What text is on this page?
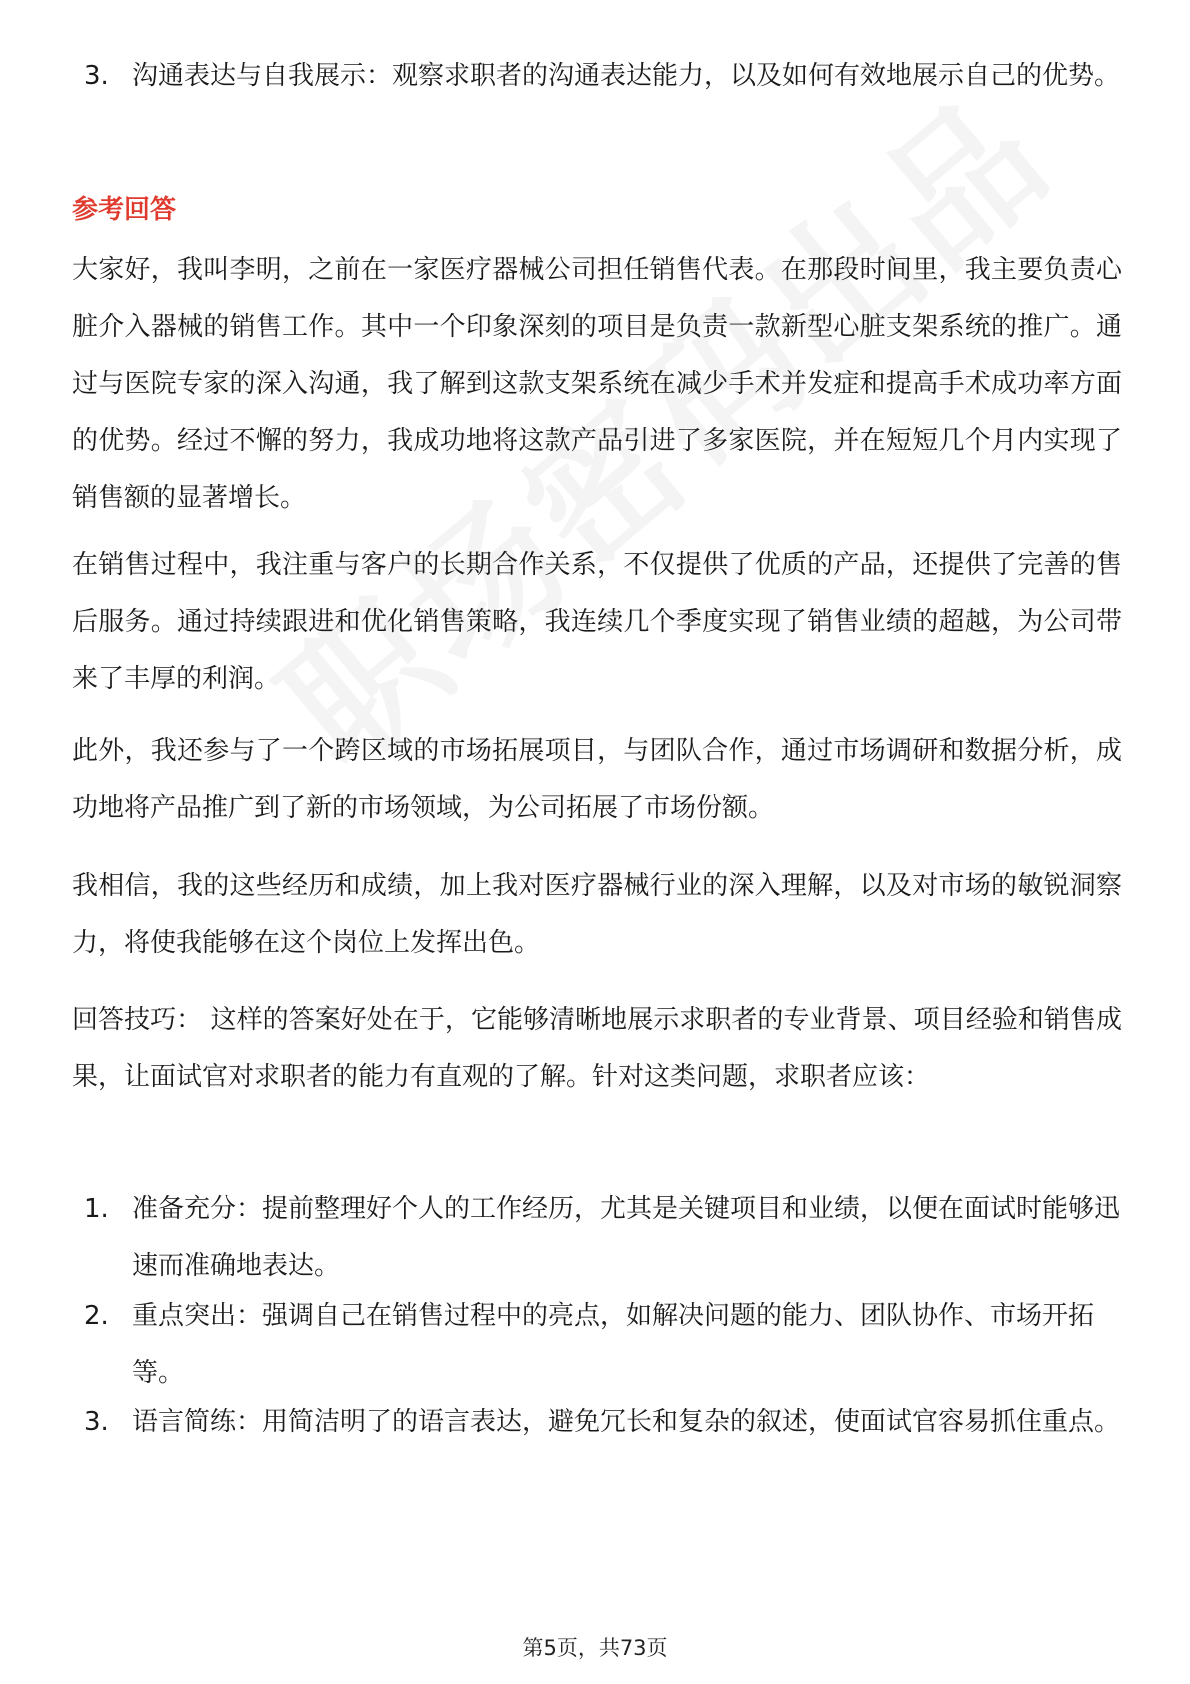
3. 沟通表达与自我展示：观察求职者的沟通表达能力，以及如何有效地展示自己的优势。
参考回答
大家好，我叫李明，之前在一家医疗器械公司担任销售代表。在那段时间里，我主要负责心脏介入器械的销售工作。其中一个印象深刻的项目是负责一款新型心脏支架系统的推广。通过与医院专家的深入沟通，我了解到这款支架系统在减少手术并发症和提高手术成功率方面的优势。经过不懈的努力，我成功地将这款产品引进了多家医院，并在短短几个月内实现了销售额的显著增长。
在销售过程中，我注重与客户的长期合作关系，不仅提供了优质的产品，还提供了完善的售后服务。通过持续跟进和优化销售策略，我连续几个季度实现了销售业绩的超越，为公司带来了丰厚的利润。
此外，我还参与了一个跨区域的市场拓展项目，与团队合作，通过市场调研和数据分析，成功地将产品推广到了新的市场领域，为公司拓展了市场份额。
我相信，我的这些经历和成绩，加上我对医疗器械行业的深入理解，以及对市场的敏锐洞察力，将使我能够在这个岗位上发挥出色。
回答技巧： 这样的答案好处在于，它能够清晰地展示求职者的专业背景、项目经验和销售成果，让面试官对求职者的能力有直观的了解。针对这类问题，求职者应该：
1. 准备充分：提前整理好个人的工作经历，尤其是关键项目和业绩，以便在面试时能够迅速而准确地表达。
2. 重点突出：强调自己在销售过程中的亮点，如解决问题的能力、团队协作、市场开拓等。
3. 语言简练：用简洁明了的语言表达，避免冗长和复杂的叙述，使面试官容易抓住重点。
第5页，共73页
